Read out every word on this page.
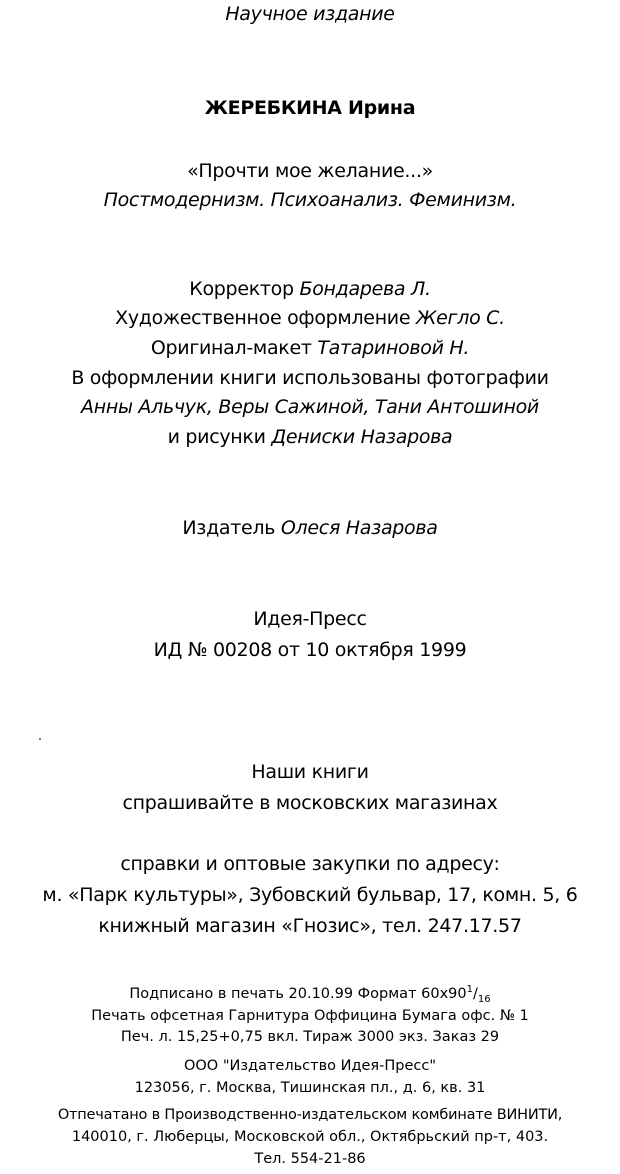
Научное издание
ЖЕРЕБКИНА Ирина
«Прочти мое желание...»
Постмодернизм. Психоанализ. Феминизм.
Корректор Бондарева Л.
Художественное оформление Жегло С.
Оригинал-макет Татариновой Н.
В оформлении книги использованы фотографии
Анны Альчук, Веры Сажиной, Тани Антошиной
и рисунки Дениски Назарова
Издатель Олеся Назарова
Идея-Пресс
ИД № 00208 от 10 октября 1999
Наши книги
спрашивайте в московских магазинах
справки и оптовые закупки по адресу:
м. «Парк культуры», Зубовский бульвар, 17, комн. 5, 6
книжный магазин «Гнозис», тел. 247.17.57
Подписано в печать 20.10.99 Формат $60х90^1/_{16}$
Печать офсетная Гарнитура Оффицина Бумага офс. № 1
Печ. л. 15,25+0,75 вкл. Тираж 3000 экз. Заказ 29
ООО "Издательство Идея-Пресс"
123056, г. Москва, Тишинская пл., д. 6, кв. 31
Отпечатано в Производственно-издательском комбинате ВИНИТИ,
140010, г. Люберцы, Московской обл., Октябрьский пр-т, 403.
Тел. 554-21-86
